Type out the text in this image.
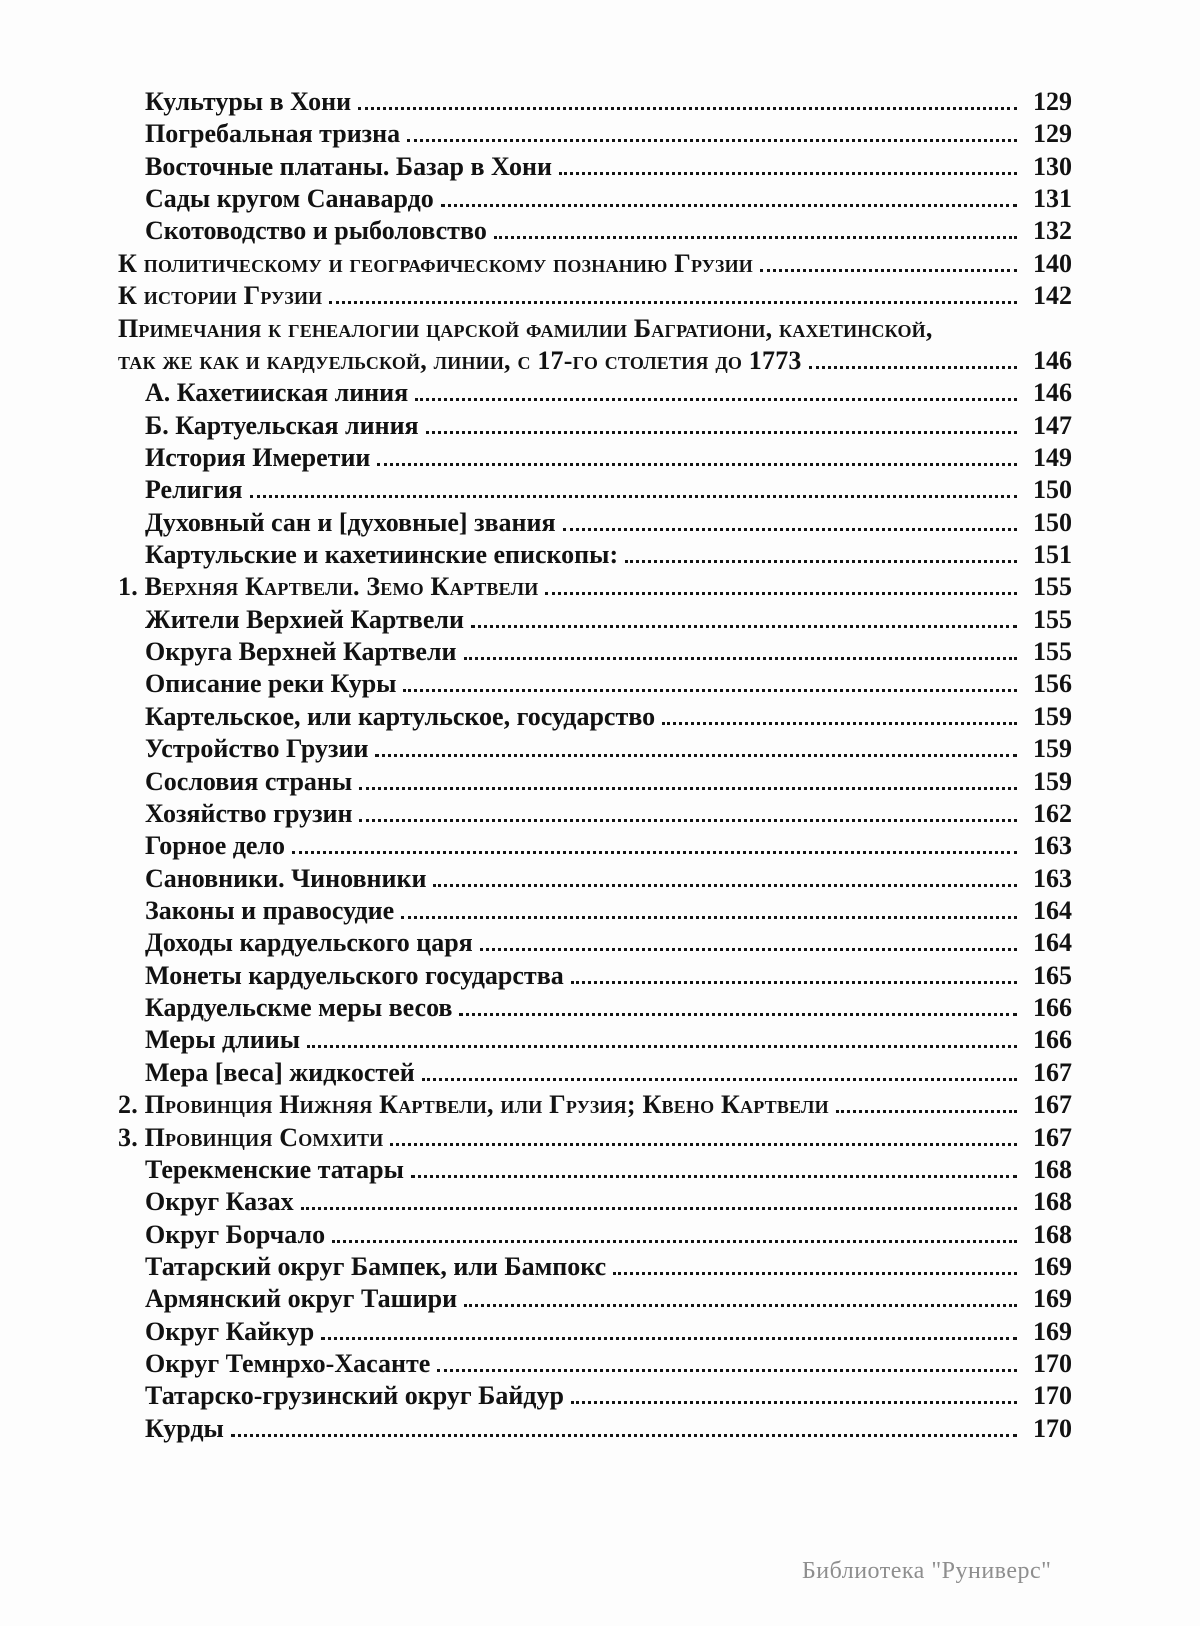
Культуры в Хони	129
Погребальная тризна	129
Восточные платаны. Базар в Хони	130
Сады кругом Санавардо	131
Скотоводство и рыболовство	132
К политическому и географическому познанию Грузии	140
К истории Грузии	142
Примечания к генеалогии царской фамилии Багратиони, кахетинской,
так же как и кардуельской, линии, с 17-го столетия до 1773	146
А. Кахетииская линия	146
Б. Картуельская линия	147
История Имеретии	149
Религия	150
Духовный сан и [духовные] звания	150
Картульские и кахетиинские епископы:	151
1. Верхняя Картвели. Земо Картвели	155
Жители Верхией Картвели	155
Округа Верхней Картвели	155
Описание реки Куры	156
Картельское, или картульское, государство	159
Устройство Грузии	159
Сословия страны	159
Хозяйство грузин	162
Горное дело	163
Сановники. Чиновники	163
Законы и правосудие	164
Доходы кардуельского царя	164
Монеты кардуельского государства	165
Кардуельскме меры весов	166
Меры длииы	166
Мера [веса] жидкостей	167
2. Провинция Нижняя Картвели, или Грузия; Квено Картвели	167
3. Провинция Сомхити	167
Терекменские татары	168
Округ Казах	168
Округ Борчало	168
Татарский округ Бампек, или Бампокс	169
Армянский округ Ташири	169
Округ Кайкур	169
Округ Темнрхо-Хасанте	170
Татарско-грузинский округ Байдур	170
Курды	170
Библиотека "Руниверс"
